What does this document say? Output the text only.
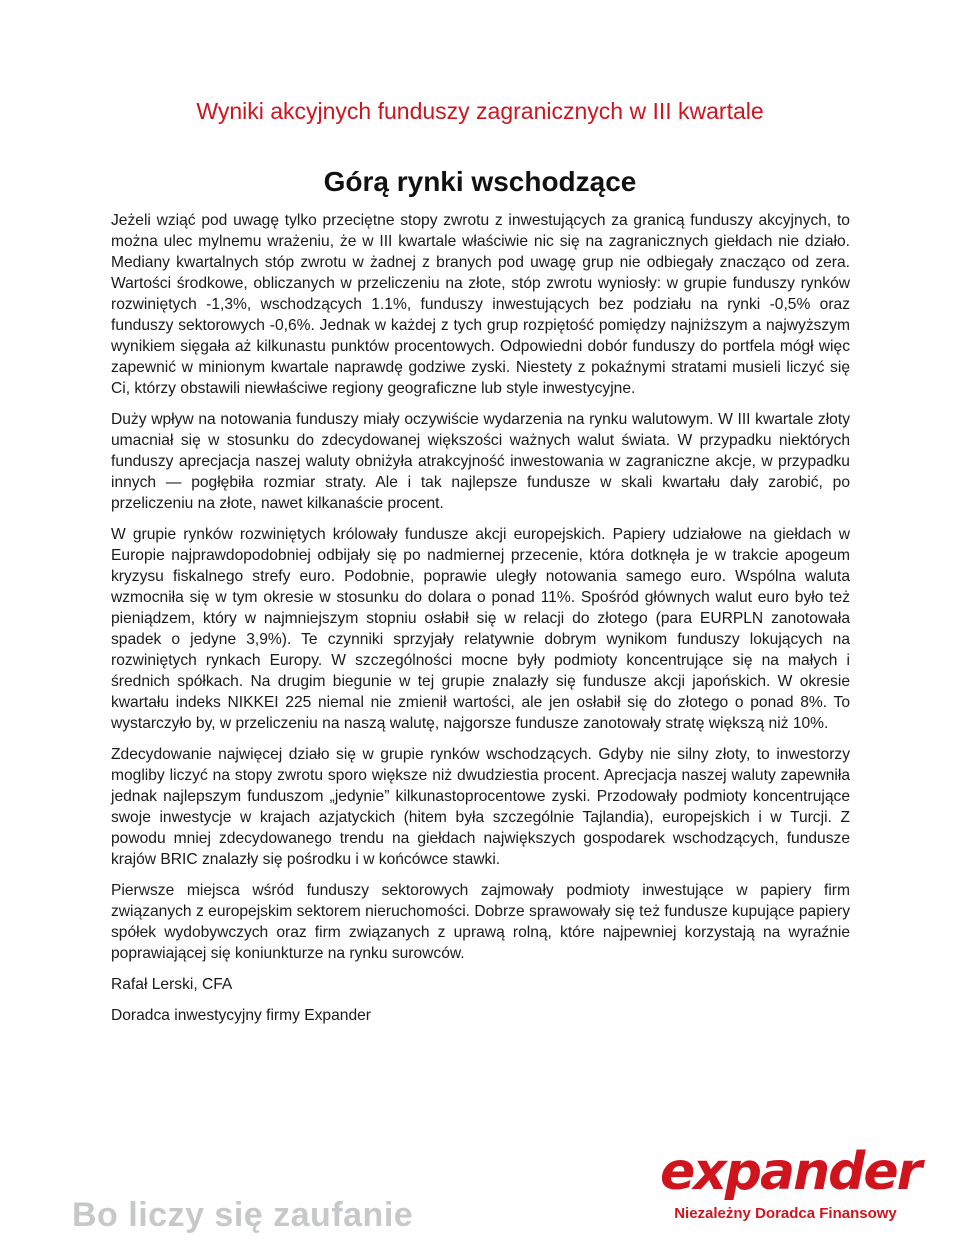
Wyniki akcyjnych funduszy zagranicznych w III kwartale
Górą rynki wschodzące

Jeżeli wziąć pod uwagę tylko przeciętne stopy zwrotu z inwestujących za granicą funduszy akcyjnych, to można ulec mylnemu wrażeniu, że w III kwartale właściwie nic się na zagranicznych giełdach nie działo. Mediany kwartalnych stóp zwrotu w żadnej z branych pod uwagę grup nie odbiegały znacząco od zera. Wartości środkowe, obliczanych w przeliczeniu na złote, stóp zwrotu wyniosły: w grupie funduszy rynków rozwiniętych -1,3%, wschodzących 1.1%, funduszy inwestujących bez podziału na rynki -0,5% oraz funduszy sektorowych -0,6%. Jednak w każdej z tych grup rozpiętość pomiędzy najniższym a najwyższym wynikiem sięgała aż kilkunastu punktów procentowych. Odpowiedni dobór funduszy do portfela mógł więc zapewnić w minionym kwartale naprawdę godziwe zyski. Niestety z pokaźnymi stratami musieli liczyć się Ci, którzy obstawili niewłaściwe regiony geograficzne lub style inwestycyjne.

Duży wpływ na notowania funduszy miały oczywiście wydarzenia na rynku walutowym. W III kwartale złoty umacniał się w stosunku do zdecydowanej większości ważnych walut świata. W przypadku niektórych funduszy aprecjacja naszej waluty obniżyła atrakcyjność inwestowania w zagraniczne akcje, w przypadku innych — pogłębiła rozmiar straty. Ale i tak najlepsze fundusze w skali kwartału dały zarobić, po przeliczeniu na złote, nawet kilkanaście procent.

W grupie rynków rozwiniętych królowały fundusze akcji europejskich. Papiery udziałowe na giełdach w Europie najprawdopodobniej odbijały się po nadmiernej przecenie, która dotknęła je w trakcie apogeum kryzysu fiskalnego strefy euro. Podobnie, poprawie uległy notowania samego euro. Wspólna waluta wzmocniła się w tym okresie w stosunku do dolara o ponad 11%. Spośród głównych walut euro było też pieniądzem, który w najmniejszym stopniu osłabił się w relacji do złotego (para EURPLN zanotowała spadek o jedyne 3,9%). Te czynniki sprzyjały relatywnie dobrym wynikom funduszy lokujących na rozwiniętych rynkach Europy. W szczególności mocne były podmioty koncentrujące się na małych i średnich spółkach. Na drugim biegunie w tej grupie znalazły się fundusze akcji japońskich. W okresie kwartału indeks NIKKEI 225 niemal nie zmienił wartości, ale jen osłabił się do złotego o ponad 8%. To wystarczyło by, w przeliczeniu na naszą walutę, najgorsze fundusze zanotowały stratę większą niż 10%.

Zdecydowanie najwięcej działo się w grupie rynków wschodzących. Gdyby nie silny złoty, to inwestorzy mogliby liczyć na stopy zwrotu sporo większe niż dwudziestia procent. Aprecjacja naszej waluty zapewniła jednak najlepszym funduszom „jedynie” kilkunastoprocentowe zyski. Przodowały podmioty koncentrujące swoje inwestycje w krajach azjatyckich (hitem była szczególnie Tajlandia), europejskich i w Turcji. Z powodu mniej zdecydowanego trendu na giełdach największych gospodarek wschodzących, fundusze krajów BRIC znalazły się pośrodku i w końcówce stawki.

Pierwsze miejsca wśród funduszy sektorowych zajmowały podmioty inwestujące w papiery firm związanych z europejskim sektorem nieruchomości. Dobrze sprawowały się też fundusze kupujące papiery spółek wydobywczych oraz firm związanych z uprawą rolną, które najpewniej korzystają na wyraźnie poprawiającej się koniunkturze na rynku surowców.

Rafał Lerski, CFA

Doradca inwestycyjny firmy Expander

Bo liczy się zaufanie
expander
Niezależny Doradca Finansowy
